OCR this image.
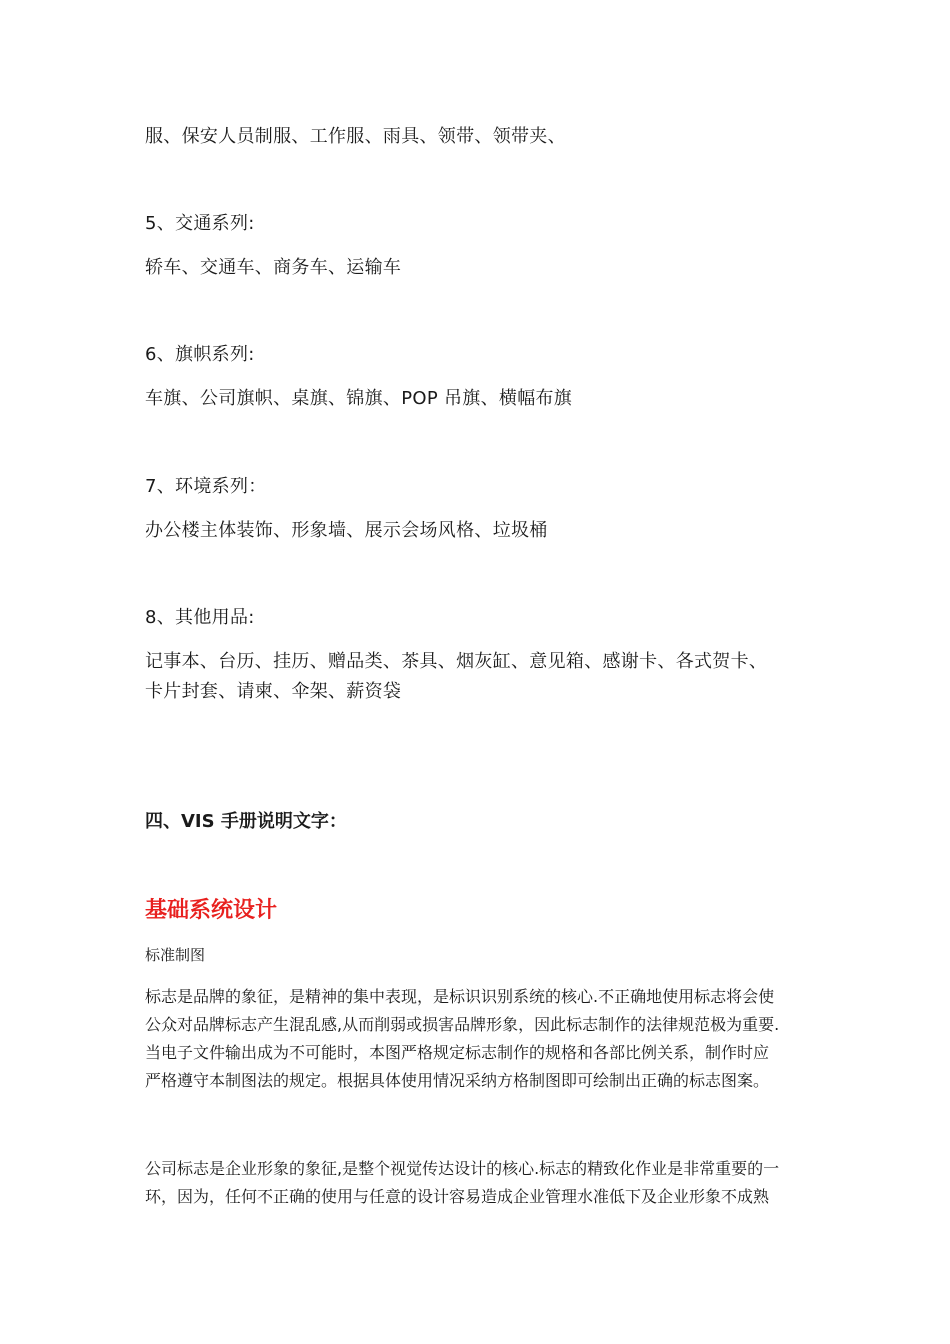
服、保安人员制服、工作服、雨具、领带、领带夹、
5、交通系列:
轿车、交通车、商务车、运输车
6、旗帜系列:
车旗、公司旗帜、桌旗、锦旗、POP 吊旗、横幅布旗
7、环境系列：
办公楼主体装饰、形象墙、展示会场风格、垃圾桶
8、其他用品:
记事本、台历、挂历、赠品类、茶具、烟灰缸、意见箱、感谢卡、各式贺卡、
卡片封套、请柬、伞架、薪资袋
四、VIS 手册说明文字：
基础系统设计
标准制图
标志是品牌的象征，是精神的集中表现，是标识识别系统的核心.不正确地使用标志将会使
公众对品牌标志产生混乱感,从而削弱或损害品牌形象，因此标志制作的法律规范极为重要.
当电子文件输出成为不可能时，本图严格规定标志制作的规格和各部比例关系，制作时应
严格遵守本制图法的规定。根据具体使用情况采纳方格制图即可绘制出正确的标志图案。
公司标志是企业形象的象征,是整个视觉传达设计的核心.标志的精致化作业是非常重要的一
环，因为，任何不正确的使用与任意的设计容易造成企业管理水准低下及企业形象不成熟
